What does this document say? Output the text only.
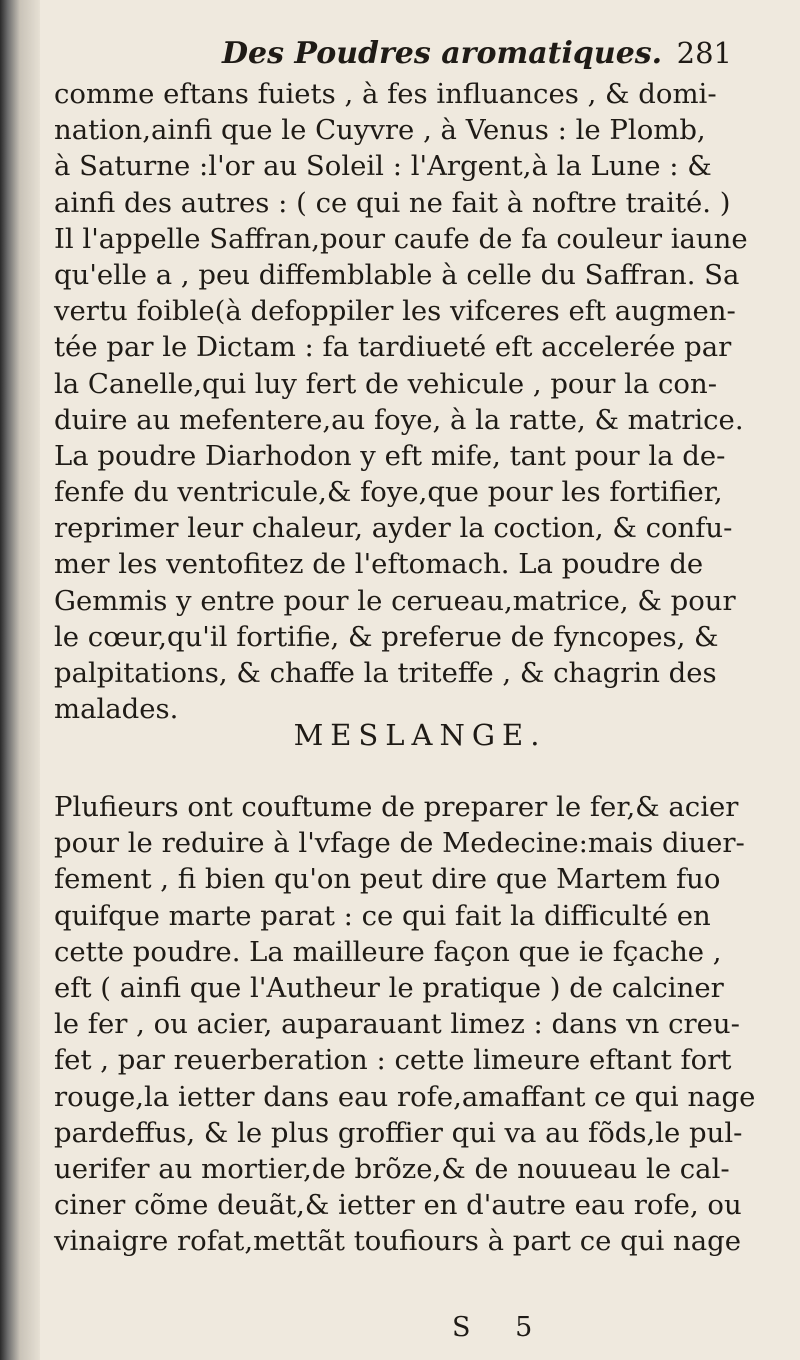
Des Poudres aromatiques. 281
comme eftans fuiets , à fes influances , & domi-
nation,ainfi que le Cuyvre , à Venus : le Plomb,
à Saturne :l'or au Soleil : l'Argent,à la Lune : &
ainfi des autres : ( ce qui ne fait à noftre traité. )
Il l'appelle Saffran,pour caufe de fa couleur iaune
qu'elle a , peu diffemblable à celle du Saffran. Sa
vertu foible(à defoppiler les vifceres eft augmen-
tée par le Dictam : fa tardiueté eft accelerée par
la Canelle,qui luy fert de vehicule , pour la con-
duire au mefentere,au foye, à la ratte, & matrice.
La poudre Diarhodon y eft mife, tant pour la de-
fenfe du ventricule,& foye,que pour les fortifier,
reprimer leur chaleur, ayder la coction, & confu-
mer les ventofitez de l'eftomach. La poudre de
Gemmis y entre pour le cerueau,matrice, & pour
le cœur,qu'il fortifie, & preferue de fyncopes, &
palpitations, & chaffe la triteffe , & chagrin des
malades.
MESLANGE.
Plufieurs ont couftume de preparer le fer,& acier
pour le reduire à l'vfage de Medecine:mais diuer-
fement , fi bien qu'on peut dire que Martem fuo
quifque marte parat : ce qui fait la difficulté en
cette poudre. La mailleure façon que ie fçache ,
eft ( ainfi que l'Autheur le pratique ) de calciner
le fer , ou acier, auparauant limez : dans vn creu-
fet , par reuerberation : cette limeure eftant fort
rouge,la ietter dans eau rofe,amaffant ce qui nage
pardeffus, & le plus groffier qui va au fõds,le pul-
uerifer au mortier,de brõze,& de nouueau le cal-
ciner cõme deuãt,& ietter en d'autre eau rofe, ou
vinaigre rofat,mettãt toufiours à part ce qui nage
S 5
